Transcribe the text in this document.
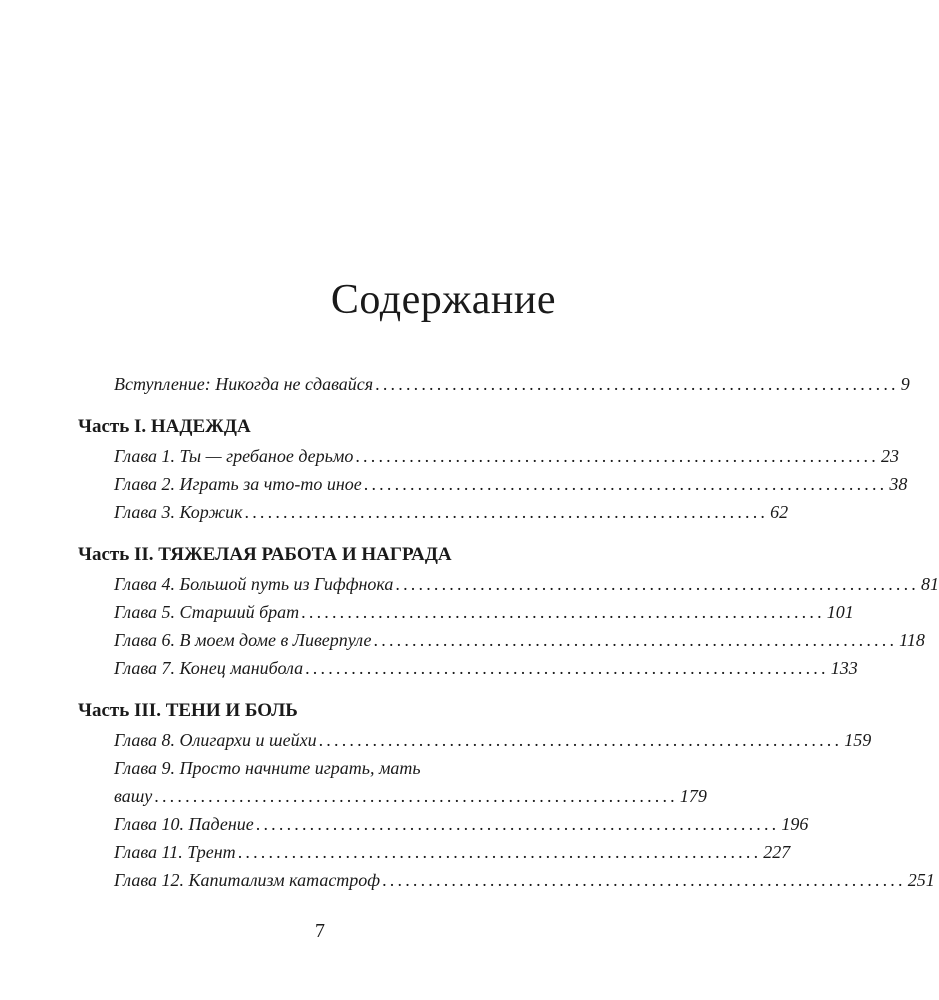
Содержание
Вступление: Никогда не сдавайся .................................................................... 9
Часть I. НАДЕЖДА
Глава 1. Ты — гребаное дерьмо .................................................................... 23
Глава 2. Играть за что-то иное .................................................................... 38
Глава 3. Коржик .................................................................... 62
Часть II. ТЯЖЕЛАЯ РАБОТА И НАГРАДА
Глава 4. Большой путь из Гиффнока .................................................................... 81
Глава 5. Старший брат .................................................................... 101
Глава 6. В моем доме в Ливерпуле .................................................................... 118
Глава 7. Конец манибола .................................................................... 133
Часть III. ТЕНИ И БОЛЬ
Глава 8. Олигархи и шейхи .................................................................... 159
Глава 9. Просто начните играть, мать
вашу .................................................................... 179
Глава 10. Падение .................................................................... 196
Глава 11. Трент .................................................................... 227
Глава 12. Капитализм катастроф .................................................................... 251
7
